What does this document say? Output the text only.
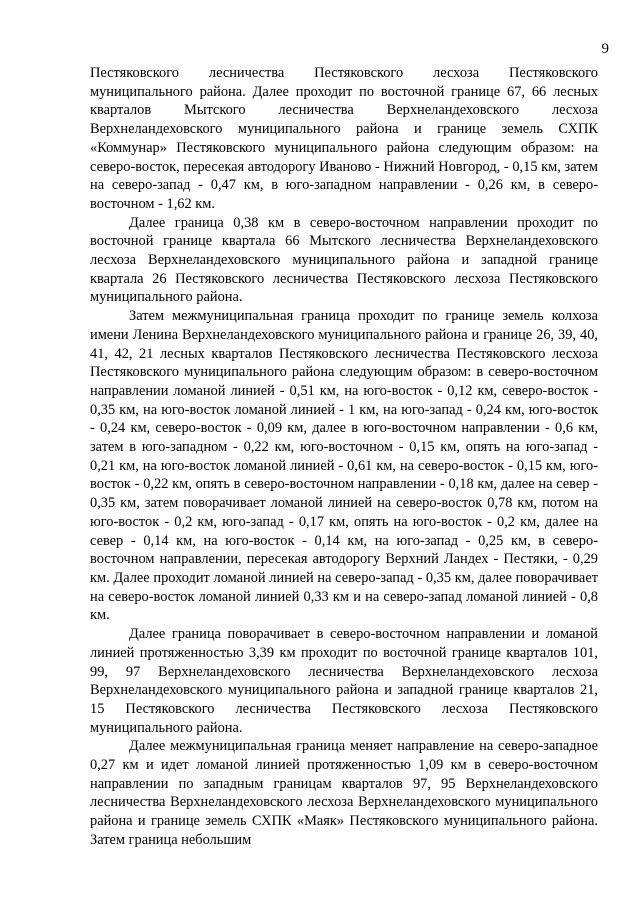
9

Пестяковского лесничества Пестяковского лесхоза Пестяковского муниципального района. Далее проходит по восточной границе 67, 66 лесных кварталов Мытского лесничества Верхнеландеховского лесхоза Верхнеландеховского муниципального района и границе земель СХПК «Коммунар» Пестяковского муниципального района следующим образом: на северо-восток, пересекая автодорогу Иваново - Нижний Новгород, - 0,15 км, затем на северо-запад - 0,47 км, в юго-западном направлении - 0,26 км, в северо-восточном - 1,62 км.

Далее граница 0,38 км в северо-восточном направлении проходит по восточной границе квартала 66 Мытского лесничества Верхнеландеховского лесхоза Верхнеландеховского муниципального района и западной границе квартала 26 Пестяковского лесничества Пестяковского лесхоза Пестяковского муниципального района.

Затем межмуниципальная граница проходит по границе земель колхоза имени Ленина Верхнеландеховского муниципального района и границе 26, 39, 40, 41, 42, 21 лесных кварталов Пестяковского лесничества Пестяковского лесхоза Пестяковского муниципального района следующим образом: в северо-восточном направлении ломаной линией - 0,51 км, на юго-восток - 0,12 км, северо-восток - 0,35 км, на юго-восток ломаной линией - 1 км, на юго-запад - 0,24 км, юго-восток - 0,24 км, северо-восток - 0,09 км, далее в юго-восточном направлении - 0,6 км, затем в юго-западном - 0,22 км, юго-восточном - 0,15 км, опять на юго-запад - 0,21 км, на юго-восток ломаной линией - 0,61 км, на северо-восток - 0,15 км, юго-восток - 0,22 км, опять в северо-восточном направлении - 0,18 км, далее на север - 0,35 км, затем поворачивает ломаной линией на северо-восток 0,78 км, потом на юго-восток - 0,2 км, юго-запад - 0,17 км, опять на юго-восток - 0,2 км, далее на север - 0,14 км, на юго-восток - 0,14 км, на юго-запад - 0,25 км, в северо-восточном направлении, пересекая автодорогу Верхний Ландех - Пестяки, - 0,29 км. Далее проходит ломаной линией на северо-запад - 0,35 км, далее поворачивает на северо-восток ломаной линией 0,33 км и на северо-запад ломаной линией - 0,8 км.

Далее граница поворачивает в северо-восточном направлении и ломаной линией протяженностью 3,39 км проходит по восточной границе кварталов 101, 99, 97 Верхнеландеховского лесничества Верхнеландеховского лесхоза Верхнеландеховского муниципального района и западной границе кварталов 21, 15 Пестяковского лесничества Пестяковского лесхоза Пестяковского муниципального района.

Далее межмуниципальная граница меняет направление на северо-западное 0,27 км и идет ломаной линией протяженностью 1,09 км в северо-восточном направлении по западным границам кварталов 97, 95 Верхнеландеховского лесничества Верхнеландеховского лесхоза Верхнеландеховского муниципального района и границе земель СХПК «Маяк» Пестяковского муниципального района. Затем граница небольшим
